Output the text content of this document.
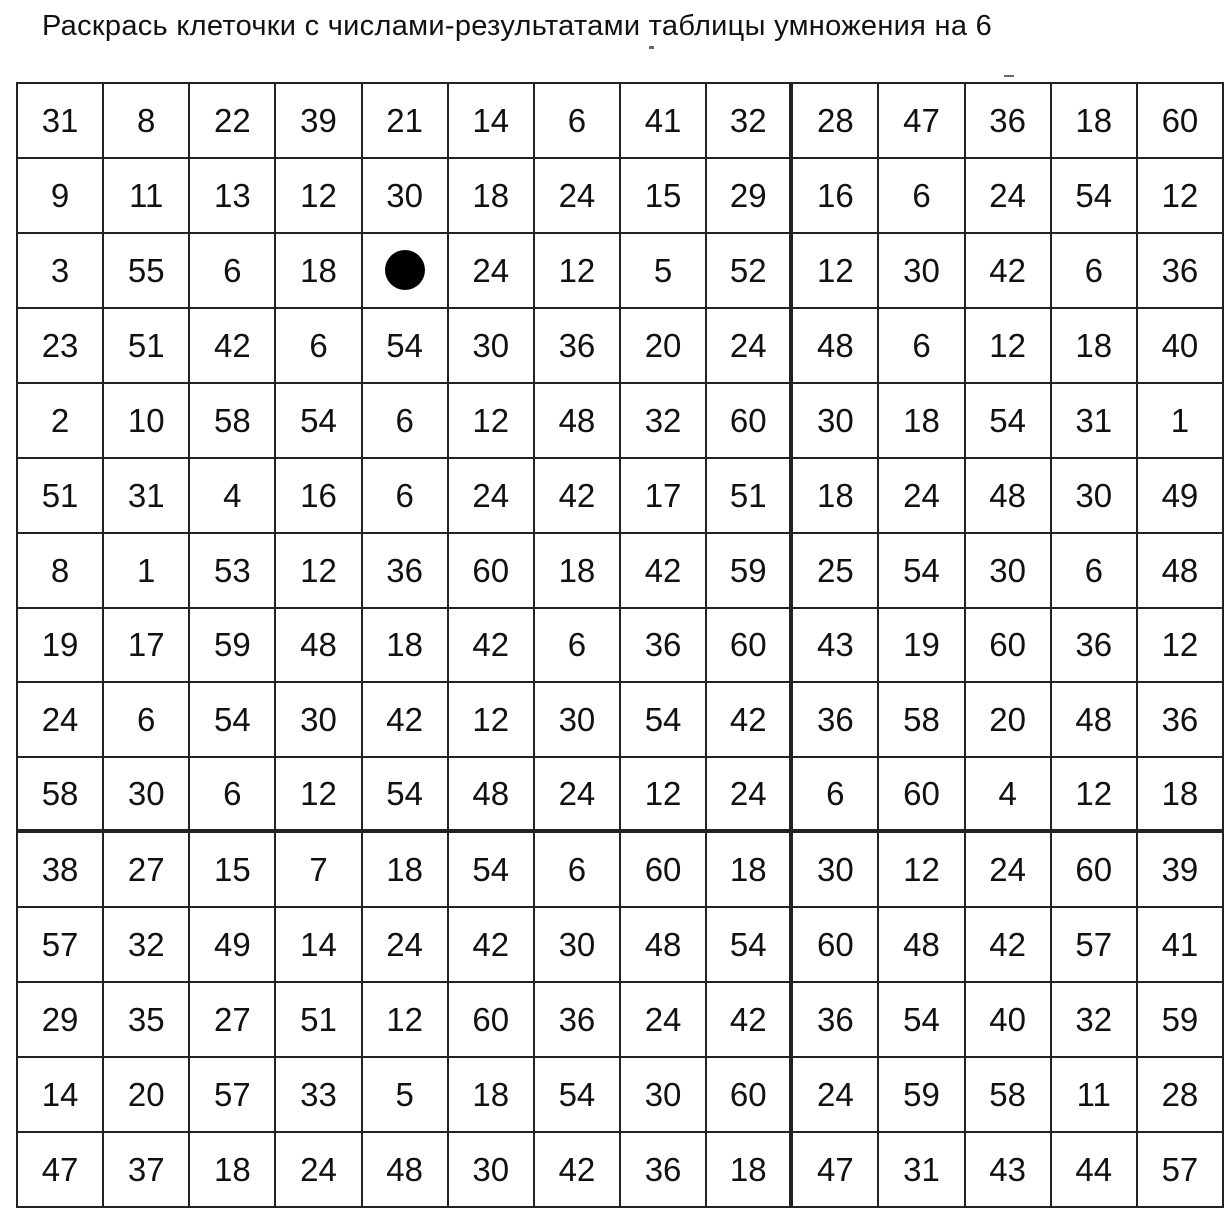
Раскрась клеточки с числами-результатами таблицы умножения на 6
31 8 22 39 21 14 6 41 32 28 47 36 18 60
9 11 13 12 30 18 24 15 29 16 6 24 54 12
3 55 6 18	24 12 5 52 12 30 42 6 36
23 51 42 6 54 30 36 20 24 48 6 12 18 40
2 10 58 54 6 12 48 32 60 30 18 54 31 1
51 31 4 16 6 24 42 17 51 18 24 48 30 49
8 1 53 12 36 60 18 42 59 25 54 30 6 48
19 17 59 48 18 42 6 36 60 43 19 60 36 12
24 6 54 30 42 12 30 54 42 36 58 20 48 36
58 30 6 12 54 48 24 12 24 6 60 4 12 18
38 27 15 7 18 54 6 60 18 30 12 24 60 39
57 32 49 14 24 42 30 48 54 60 48 42 57 41
29 35 27 51 12 60 36 24 42 36 54 40 32 59
14 20 57 33 5 18 54 30 60 24 59 58 11 28
47 37 18 24 48 30 42 36 18 47 31 43 44 57
